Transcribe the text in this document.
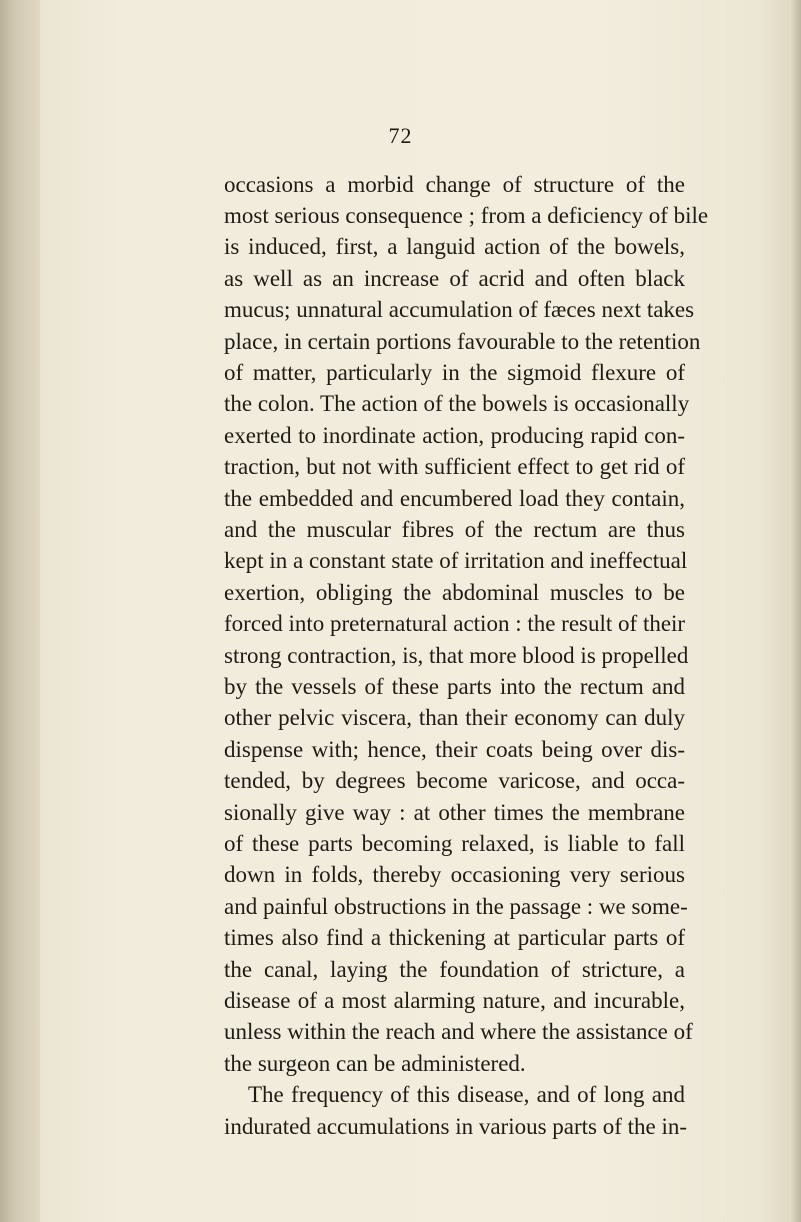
72
occasions a morbid change of structure of the
most serious consequence ; from a deficiency of bile
is induced, first, a languid action of the bowels,
as well as an increase of acrid and often black
mucus; unnatural accumulation of fæces next takes
place, in certain portions favourable to the retention
of matter, particularly in the sigmoid flexure of
the colon. The action of the bowels is occasionally
exerted to inordinate action, producing rapid con-
traction, but not with sufficient effect to get rid of
the embedded and encumbered load they contain,
and the muscular fibres of the rectum are thus
kept in a constant state of irritation and ineffectual
exertion, obliging the abdominal muscles to be
forced into preternatural action : the result of their
strong contraction, is, that more blood is propelled
by the vessels of these parts into the rectum and
other pelvic viscera, than their economy can duly
dispense with; hence, their coats being over dis-
tended, by degrees become varicose, and occa-
sionally give way : at other times the membrane
of these parts becoming relaxed, is liable to fall
down in folds, thereby occasioning very serious
and painful obstructions in the passage : we some-
times also find a thickening at particular parts of
the canal, laying the foundation of stricture, a
disease of a most alarming nature, and incurable,
unless within the reach and where the assistance of
the surgeon can be administered.
The frequency of this disease, and of long and
indurated accumulations in various parts of the in-
